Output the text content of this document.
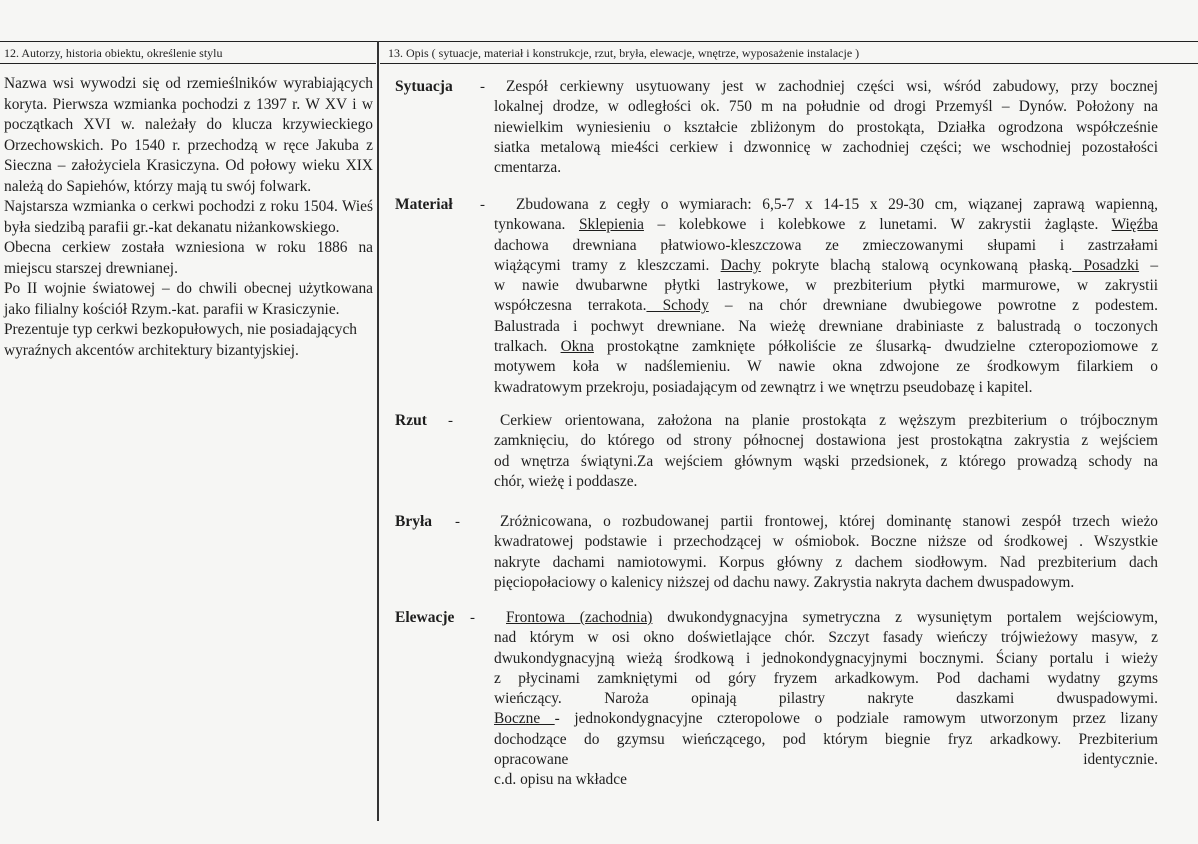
12. Autorzy, historia obiektu, określenie stylu

Nazwa wsi wywodzi się od rzemieślników wyrabiających koryta. Pierwsza wzmianka pochodzi z 1397 r. W XV i w początkach XVI w. należały do klucza krzywieckiego Orzechowskich. Po 1540 r. przechodzą w ręce Jakuba z Sieczna – założyciela Krasiczyna. Od połowy wieku XIX należą do Sapiehów, którzy mają tu swój folwark.

Najstarsza wzmianka o cerkwi pochodzi z roku 1504. Wieś była siedzibą parafii gr.-kat dekanatu niżankowskiego.

Obecna cerkiew została wzniesiona w roku 1886 na miejscu starszej drewnianej.

Po II wojnie światowej – do chwili obecnej użytkowana jako filialny kościół Rzym.-kat. parafii w Krasiczynie.

Prezentuje typ cerkwi bezkopułowych, nie posiadających wyraźnych akcentów architektury bizantyjskiej.

13. Opis ( sytuacje, materiał i konstrukcje, rzut, bryła, elewacje, wnętrze, wyposażenie instalacje )
Sytuacja -	Zespół cerkiewny usytuowany jest w zachodniej części wsi, wśród zabudowy, przy bocznej
lokalnej drodze, w odległości ok. 750 m na południe od drogi Przemyśl – Dynów. Położony na
niewielkim wyniesieniu o kształcie zbliżonym do prostokąta, Działka ogrodzona współcześnie
siatka metalową mie4ści cerkiew i dzwonnicę w zachodniej części; we wschodniej pozostałości
cmentarza.
Materiał -	Zbudowana z cegły o wymiarach: 6,5-7 x 14-15 x 29-30 cm, wiązanej zaprawą wapienną,
tynkowana. Sklepienia – kolebkowe i kolebkowe z lunetami. W zakrystii żagląste. Więźba
dachowa drewniana płatwiowo-kleszczowa ze zmieczowanymi słupami i zastrzałami
wiążącymi tramy z kleszczami. Dachy pokryte blachą stalową ocynkowaną płaską. Posadzki –
w nawie dwubarwne płytki lastrykowe, w prezbiterium płytki marmurowe, w zakrystii
współczesna terrakota. Schody – na chór drewniane dwubiegowe powrotne z podestem.
Balustrada i pochwyt drewniane. Na wieżę drewniane drabiniaste z balustradą o toczonych
tralkach. Okna prostokątne zamknięte półkoliście ze ślusarką- dwudzielne czteropoziomowe z
motywem koła w nadślemieniu. W nawie okna zdwojone ze środkowym filarkiem o
kwadratowym przekroju, posiadającym od zewnątrz i we wnętrzu pseudobazę i kapitel.
Rzut -	Cerkiew orientowana, założona na planie prostokąta z węższym prezbiterium o trójbocznym
zamknięciu, do którego od strony północnej dostawiona jest prostokątna zakrystia z wejściem
od wnętrza świątyni.Za wejściem głównym wąski przedsionek, z którego prowadzą schody na
chór, wieżę i poddasze.
Bryła -	Zróżnicowana, o rozbudowanej partii frontowej, której dominantę stanowi zespół trzech wieżo
kwadratowej podstawie i przechodzącej w ośmiobok. Boczne niższe od środkowej . Wszystkie
nakryte dachami namiotowymi. Korpus główny z dachem siodłowym. Nad prezbiterium dach
pięciopołaciowy o kalenicy niższej od dachu nawy. Zakrystia nakryta dachem dwuspadowym.
Elewacje -	Frontowa (zachodnia) dwukondygnacyjna symetryczna z wysuniętym portalem wejściowym,
nad którym w osi okno doświetlające chór. Szczyt fasady wieńczy trójwieżowy masyw, z
dwukondygnacyjną wieżą środkową i jednokondygnacyjnymi bocznymi. Ściany portalu i wieży
z płycinami zamkniętymi od góry fryzem arkadkowym. Pod dachami wydatny gzyms
wieńczący. Naroża opinają pilastry nakryte daszkami dwuspadowymi.
Boczne - jednokondygnacyjne czteropolowe o podziale ramowym utworzonym przez lizany
dochodzące do gzymsu wieńczącego, pod którym biegnie fryz arkadkowy. Prezbiterium
opracowane identycznie.
c.d. opisu na wkładce
